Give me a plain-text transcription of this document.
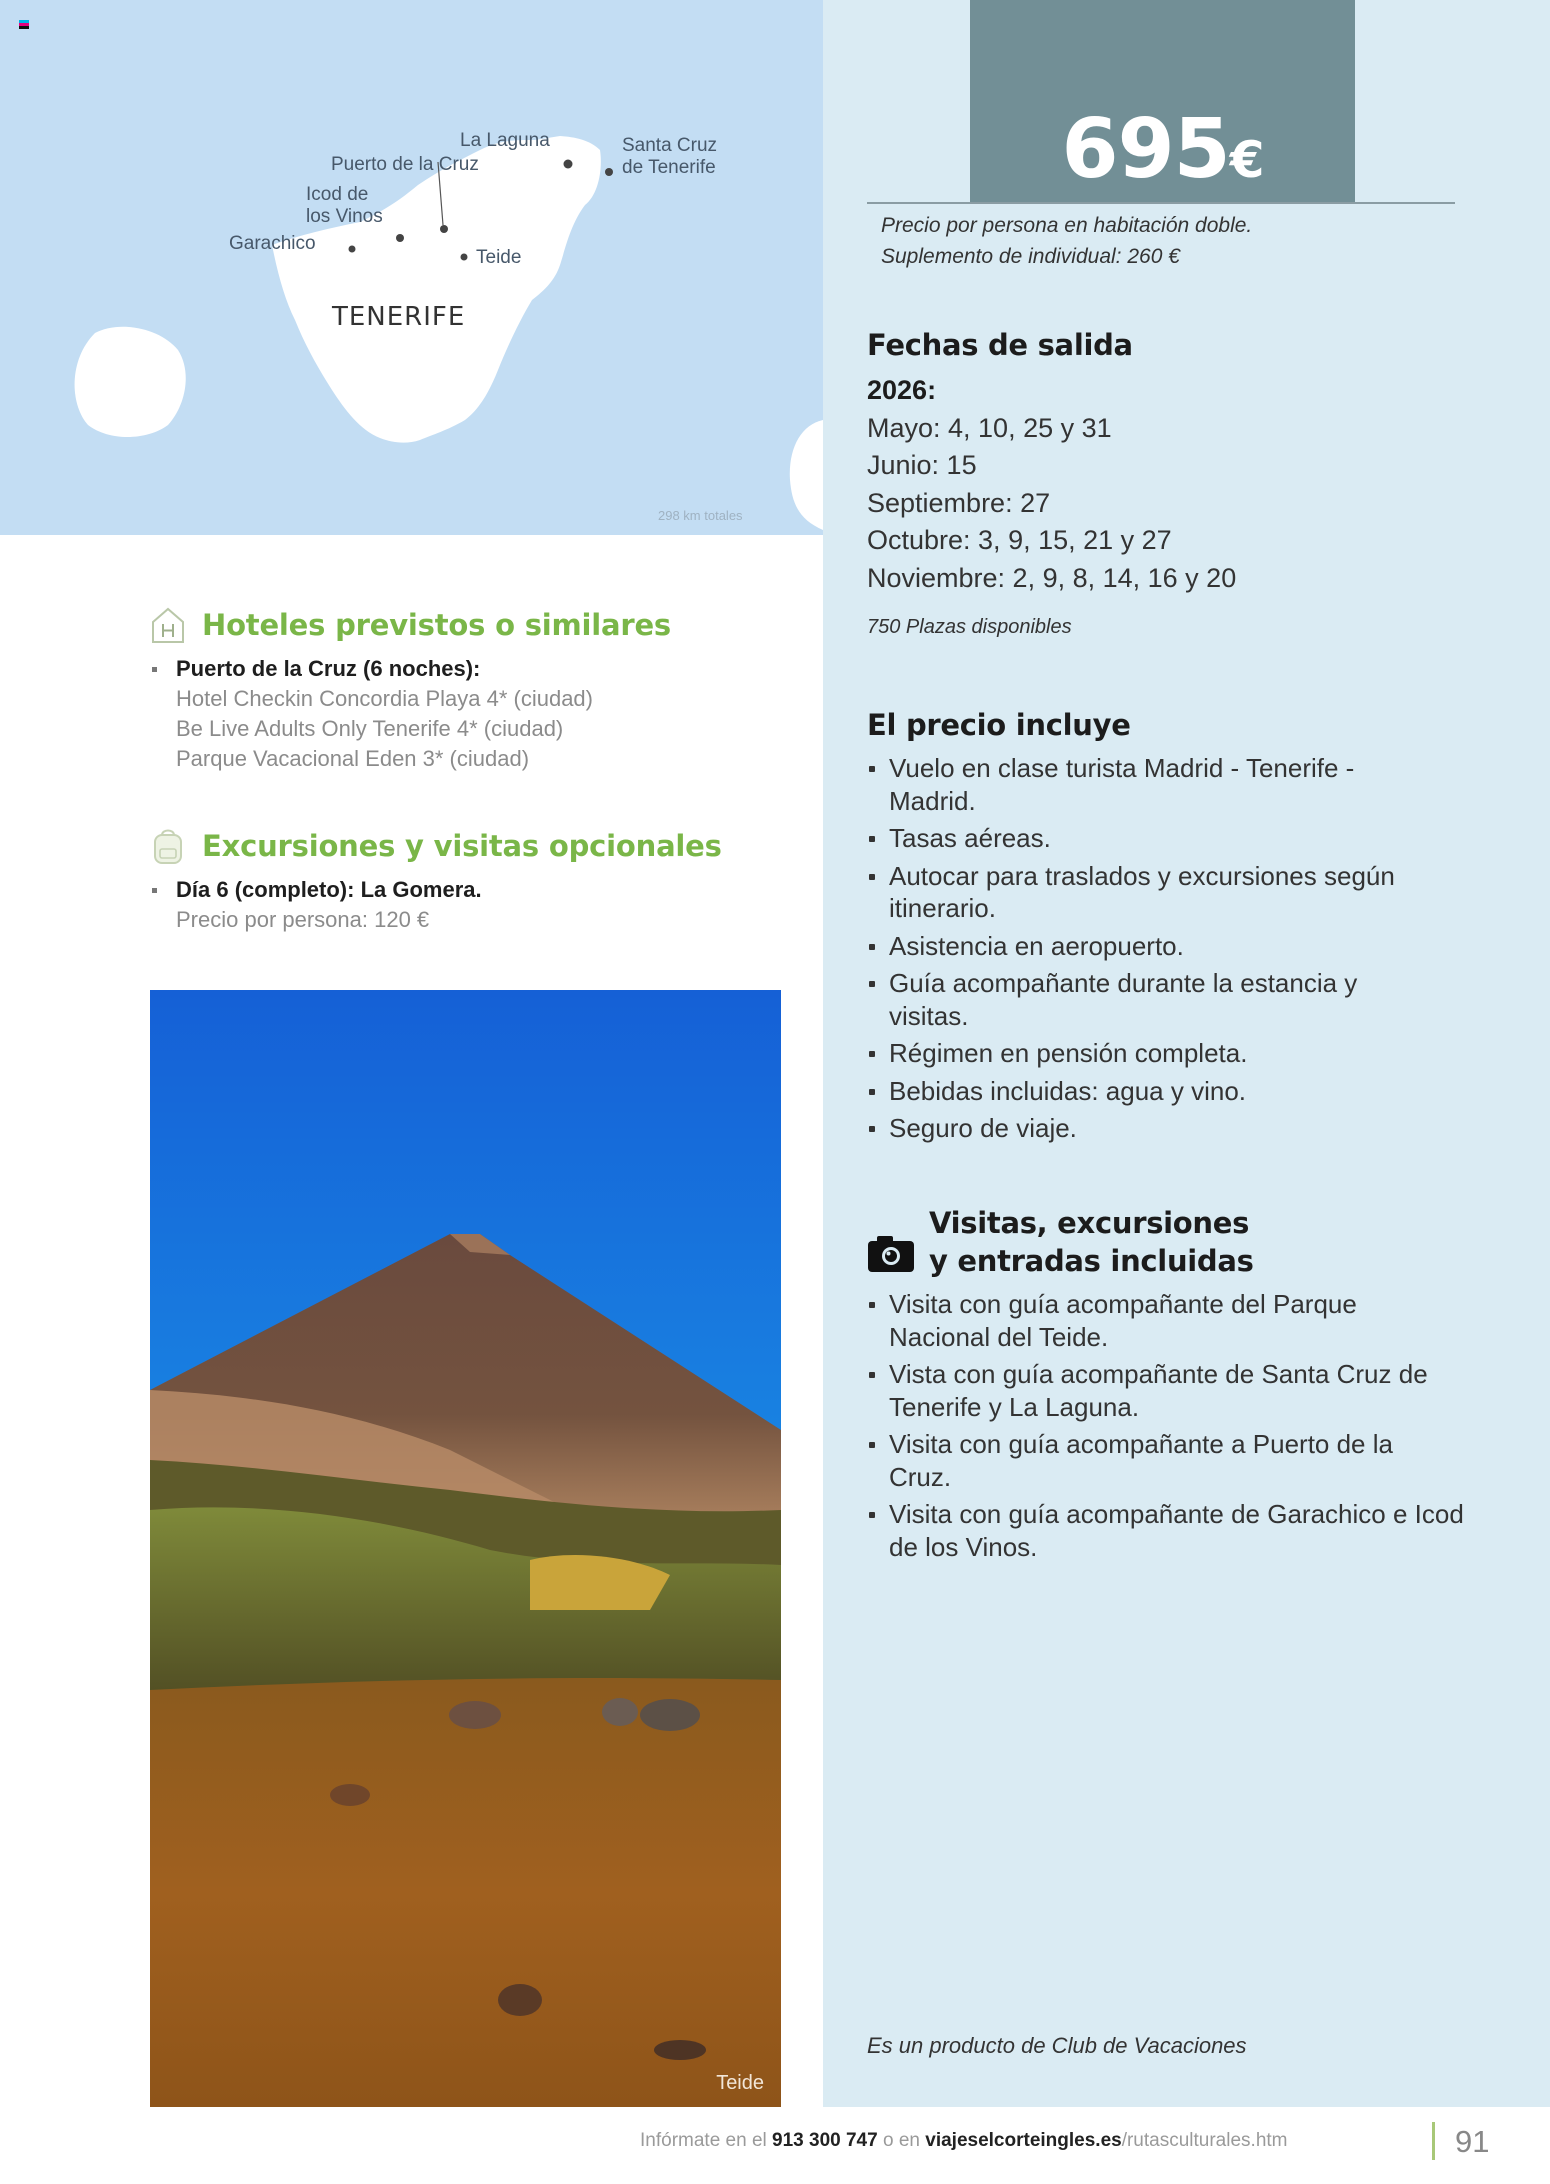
La Laguna
Puerto de la Cruz
Icod de
los Vinos
Garachico
Teide
Santa Cruz
de Tenerife
TENERIFE
298 km totales
695€
Precio por persona en habitación doble.
Suplemento de individual: 260 €
Fechas de salida
2026:
Mayo: 4, 10, 25 y 31
Junio: 15
Septiembre: 27
Octubre: 3, 9, 15, 21 y 27
Noviembre: 2, 9, 8, 14, 16 y 20
750 Plazas disponibles
El precio incluye
Vuelo en clase turista Madrid - Tenerife - Madrid.
Tasas aéreas.
Autocar para traslados y excursiones según itinerario.
Asistencia en aeropuerto.
Guía acompañante durante la estancia y visitas.
Régimen en pensión completa.
Bebidas incluidas: agua y vino.
Seguro de viaje.
Visitas, excursiones
y entradas incluidas
Visita con guía acompañante del Parque Nacional del Teide.
Vista con guía acompañante de Santa Cruz de Tenerife y La Laguna.
Visita con guía acompañante a Puerto de la Cruz.
Visita con guía acompañante de Garachico e Icod de los Vinos.
Es un producto de Club de Vacaciones
Hoteles previstos o similares
Puerto de la Cruz (6 noches):
Hotel Checkin Concordia Playa 4* (ciudad)
Be Live Adults Only Tenerife 4* (ciudad)
Parque Vacacional Eden 3* (ciudad)
Excursiones y visitas opcionales
Día 6 (completo): La Gomera.
Precio por persona: 120 €
Teide
Infórmate en el 913 300 747 o en viajeselcorteingles.es/rutasculturales.htm	91
